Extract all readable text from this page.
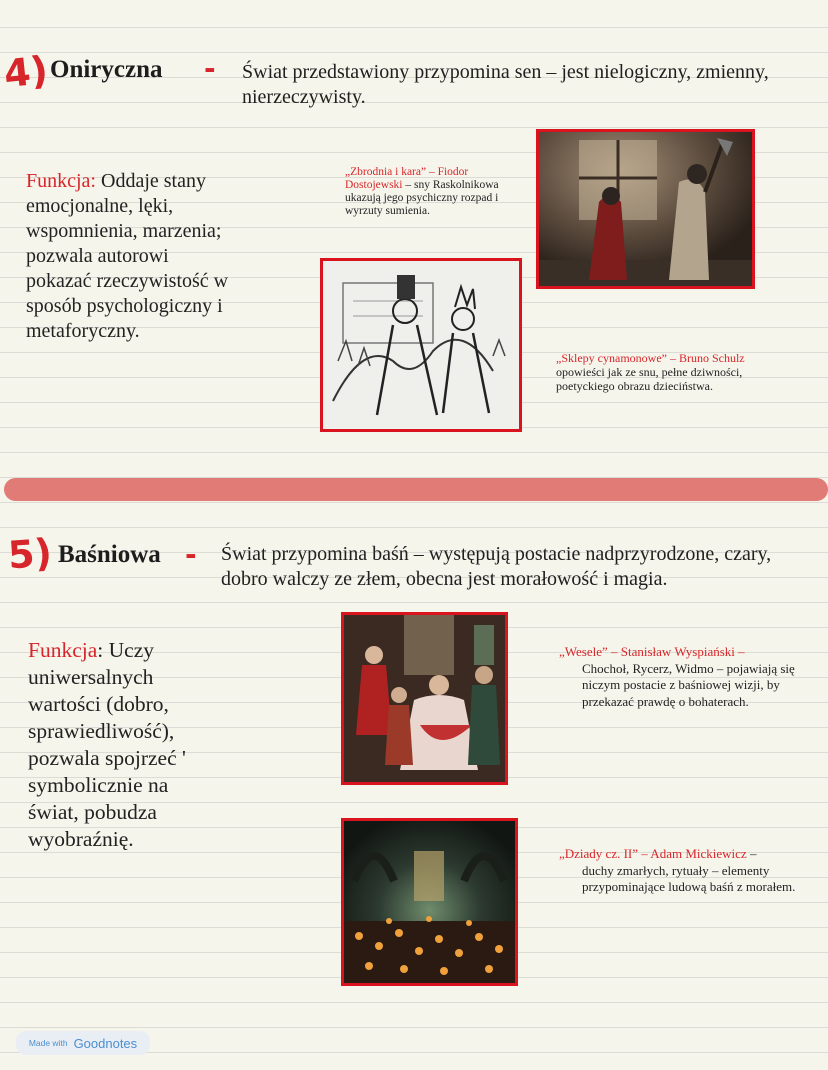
4) Oniryczna - Świat przedstawiony przypomina sen – jest nielogiczny, zmienny, nierzeczywisty.
Funkcja: Oddaje stany emocjonalne, lęki, wspomnienia, marzenia; pozwala autorowi pokazać rzeczywistość w sposób psychologiczny i metaforyczny.
„Zbrodnia i kara” – Fiodor Dostojewski – sny Raskolnikowa ukazują jego psychiczny rozpad i wyrzuty sumienia.
„Sklepy cynamonowe” – Bruno Schulz
opowieści jak ze snu, pełne dziwności, poetyckiego obrazu dzieciństwa.
5) Baśniowa - Świat przypomina baśń – występują postacie nadprzyrodzone, czary, dobro walczy ze złem, obecna jest morałowość i magia.
Funkcja: Uczy uniwersalnych wartości (dobro, sprawiedliwość), pozwala spojrzeć ' symbolicznie na świat, pobudza wyobraźnię.
„Wesele” – Stanisław Wyspiański –
Chochoł, Rycerz, Widmo – pojawiają się niczym postacie z baśniowej wizji, by przekazać prawdę o bohaterach.
„Dziady cz. II” – Adam Mickiewicz –
duchy zmarłych, rytuały – elementy przypominające ludową baśń z morałem.
Made with Goodnotes
